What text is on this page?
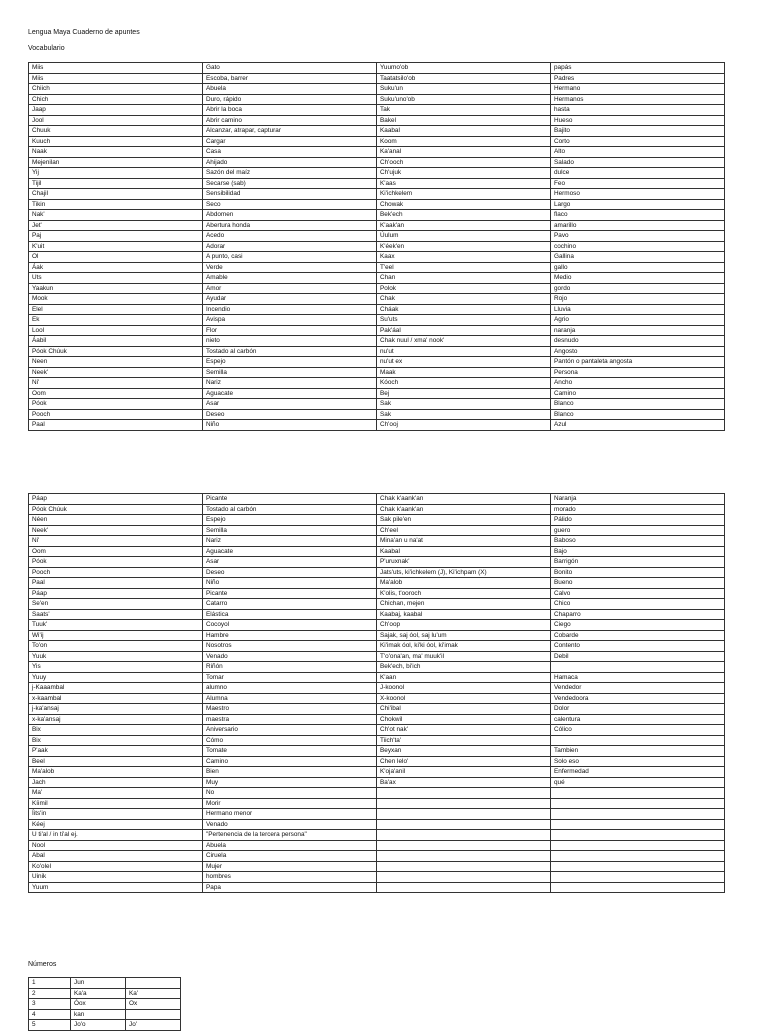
Lengua Maya Cuaderno de apuntes
Vocabulario
Miis	Gato	Yuumo'ob	papás
Miis	Escoba, barrer	Taatatsilo'ob	Padres
Chiich	Abuela	Suku'un	Hermano
Chich	Duro, rápido	Suku'uno'ob	Hermanos
Jaap	Abrir la boca	Tak	hasta
Jool	Abrir camino	Bakel	Hueso
Chuuk	Alcanzar, atrapar, capturar	Kaabal	Bajito
Kuuch	Cargar	Koom	Corto
Naak	Casa	Ka'anal	Alto
Mejenilan	Ahijado	Ch'ooch	Salado
Yij	Sazón del maíz	Ch'ujuk	dulce
Tijil	Secarse (sab)	K'aas	Feo
Chajil	Sensibilidad	Ki'ichkelem	Hermoso
Tikin	Seco	Chowak	Largo
Nak'	Abdomen	Bek'ech	flaco
Jet'	Abertura honda	K'aak'an	amarillo
Paj	Acedo	Úulum	Pavo
K'uit	Adorar	K'éek'en	cochino
Ol	A punto, casi	Kaax	Gallina
Áak	Verde	T'eel	gallo
Uts	Amable	Chan	Medio
Yaakun	Amor	Polok	gordo
Mook	Ayudar	Chak	Rojo
Elel	Incendio	Cháak	Lluvia
Ek	Avispa	Su'uts	Agrio
Lool	Flor	Pak'áal	naranja
Áabil	nieto	Chak nuul / xma' nook'	desnudo
Póok Chúuk	Tostado al carbón	nu'ut	Angosto
Neen	Espejo	nu'ut ex	Pantón o pantaleta angosta
Neek'	Semilla	Maak	Persona
Ni'	Nariz	Kóoch	Ancho
Oom	Aguacate	Bej	Camino
Póok	Asar	Sak	Blanco
Pooch	Deseo	Sak	Blanco
Paal	Niño	Ch'ooj	Azul
Páap	Picante	Chak k'aank'an	Naranja
Póok Chúuk	Tostado al carbón	Chak k'aank'an	morado
Néen	Espejo	Sak pile'en	Pálido
Neek'	Semilla	Ch'eel	guero
Ni'	Nariz	Mina'an u na'at	Baboso
Oom	Aguacate	Kaabal	Bajo
Póok	Asar	P'uruxnak'	Barrigón
Pooch	Deseo	Jats'uts, ki'ichkelem (J), Ki'ichpam (X)	Bonito
Paal	Niño	Ma'alob	Bueno
Páap	Picante	K'olis, t'ooroch	Calvo
Se'en	Catarro	Chichan, mejen	Chico
Saats'	Elástica	Kaabaj, kaabal	Chaparro
Tuuk'	Cocoyol	Ch'oop	Ciego
Wi'ij	Hambre	Sajak, saj óol, saj lu'um	Cobarde
To'on	Nosotros	Ki'imak óol, ki'ki óol, ki'imak	Contento
Yuuk	Venado	T'o'ona'an, ma' muuk'il	Debil
Yis	Riñón	Bek'ech, bi'ich	
Yuuy	Tomar	K'aan	Hamaca
j-Kaaambal	alumno	J-koonol	Vendedor
x-kaambal	Alumna	X-koonol	Vendedoora
j-ka'ansaj	Maestro	Chi'ibal	Dolor
x-ka'ansaj	maestra	Chokwil	calentura
Bix	Aniversario	Ch'ot nak'	Cólico
Bix	Cómo	Tiich'ta'	
P'aak	Tomate	Beyxan	Tambien
Beel	Camino	Chen lelo'	Solo eso
Ma'alob	Bien	K'oja'anil	Enfermedad
Jach	Muy	Ba'ax	qué
Ma'	No		
Kíimil	Morir		
Íits'in	Hermano menor		
Kéej	Venado		
U ti'al / in ti'al ej.	"Pertenencia de la tercera persona"		
Nool	Abuela		
Abal	Ciruela		
Ko'olel	Mujer		
Uinik	hombres		
Yuum	Papa		
Números
1	Jun	
2	Ka'a	Ka'
3	Óox	Ox
4	kan	
5	Jo'o	Jo'
